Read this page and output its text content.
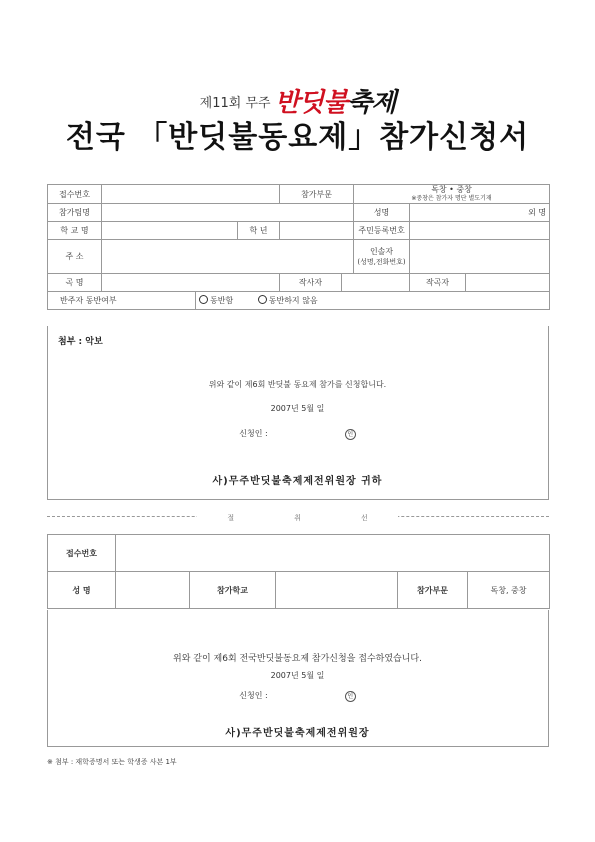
제11회 무주 반딧불축제
전국 「반딧불동요제」참가신청서
접수번호				참가부문		독창 • 중창
※중창은 참가자 명단 별도기재		

참가팀명						성명	외 명	
학 교 명			학 년			주민등록번호		
주 소						인솔자
(성명,전화번호)		

곡 명				작사자			작곡자	
반주자 동반여부		동반함 동반하지 않음						
첨부 : 악보
위와 같이 제6회 반딧불 동요제 참가를 신청합니다.
2007년 5월 일
신청인 :	인
사)무주반딧불축제제전위원장 귀하
절	취	선
접수번호					
성 명		참가학교		참가부문	독창, 중창
위와 같이 제6회 전국반딧불동요제 참가신청을 접수하였습니다.
2007년 5월 일
신청인 :	인
사)무주반딧불축제제전위원장
※ 첨부 : 재학증명서 또는 학생증 사본 1부
